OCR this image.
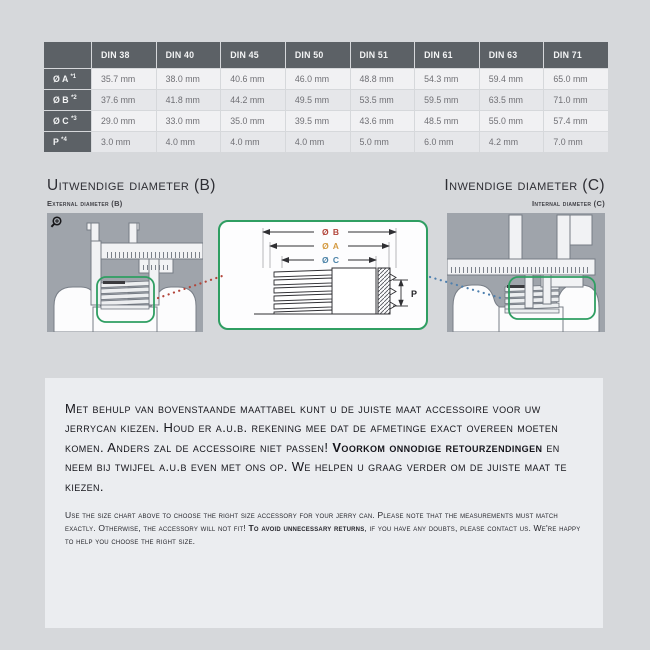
	DIN 38	DIN 40	DIN 45	DIN 50	DIN 51	DIN 61	DIN 63	DIN 71
Ø A $^{*1}$	35.7 mm	38.0 mm	40.6 mm	46.0 mm	48.8 mm	54.3 mm	59.4 mm	65.0 mm
Ø B $^{*2}$	37.6 mm	41.8 mm	44.2 mm	49.5 mm	53.5 mm	59.5 mm	63.5 mm	71.0 mm
Ø C $^{*3}$	29.0 mm	33.0 mm	35.0 mm	39.5 mm	43.6 mm	48.5 mm	55.0 mm	57.4 mm
P $^{*4}$	3.0 mm	4.0 mm	4.0 mm	4.0 mm	5.0 mm	6.0 mm	4.2 mm	7.0 mm
Uitwendige diameter (B)
External diameter (B)
Inwendige diameter (C)
Internal diameter (C)
Ø B
Ø A
Ø C
P

Met behulp van bovenstaande maattabel kunt u de juiste maat accessoire voor uw jerrycan kiezen. Houd er a.u.b. rekening mee dat de afmetinge exact overeen moeten komen. Anders zal de accessoire niet passen! Voorkom onnodige retourzendingen en neem bij twijfel a.u.b even met ons op. We helpen u graag verder om de juiste maat te kiezen.

Use the size chart above to choose the right size accessory for your jerry can. Please note that the measurements must match exactly. Otherwise, the accessory will not fit! To avoid unnecessary returns, if you have any doubts, please contact us. We're happy to help you choose the right size.
